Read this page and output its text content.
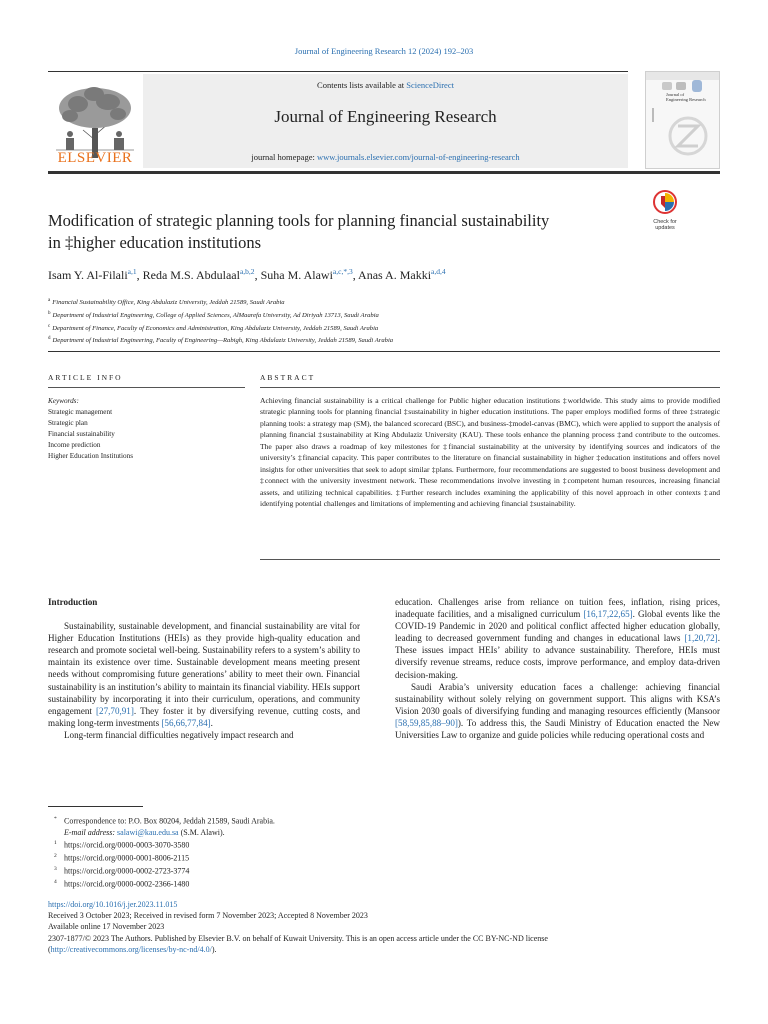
Journal of Engineering Research 12 (2024) 192–203
ELSEVIER
Contents lists available at ScienceDirect
Journal of Engineering Research
journal homepage: www.journals.elsevier.com/journal-of-engineering-research
Journal of
Engineering Research
Modification of strategic planning tools for planning financial sustainability
in ‡higher education institutions
Check for
updates
Isam Y. Al-Filali$^{a,1}$, Reda M.S. Abdulaal$^{a,b,2}$, Suha M. Alawi$^{a,c,*,3}$, Anas A. Makki$^{a,d,4}$
$^a$ Financial Sustainability Office, King Abdulaziz University, Jeddah 21589, Saudi Arabia
$^b$ Department of Industrial Engineering, College of Applied Sciences, AlMaarefa University, Ad Diriyah 13713, Saudi Arabia
$^c$ Department of Finance, Faculty of Economics and Administration, King Abdulaziz University, Jeddah 21589, Saudi Arabia
$^d$ Department of Industrial Engineering, Faculty of Engineering—Rabigh, King Abdulaziz University, Jeddah 21589, Saudi Arabia
ARTICLE INFO	ABSTRACT
Keywords:
Strategic management
Strategic plan
Financial sustainability
Income prediction
Higher Education Institutions
Achieving financial sustainability is a critical challenge for Public higher education institutions ‡worldwide. This study aims to provide modified strategic planning tools for planning financial ‡sustainability in higher education institutions. The paper employs modified forms of three ‡strategic planning tools: a strategy map (SM), the balanced scorecard (BSC), and business-‡model-canvas (BMC), which were applied to support the analysis of planning financial ‡sustainability at King Abdulaziz University (KAU). These tools enhance the planning process ‡and contribute to the outcomes. The paper also draws a roadmap of key milestones for ‡financial sustainability at the university by identifying sources and indicators of the university’s ‡financial capacity. This paper contributes to the literature on financial sustainability in higher ‡education institutions and offers novel insights for other universities that seek to adopt similar ‡plans. Furthermore, four recommendations are suggested to boost business development and ‡connect with the university investment network. These recommendations involve investing in ‡competent human resources, increasing financial assets, and utilizing technical capabilities. ‡Further research includes examining the applicability of this novel approach in other contexts ‡and identifying potential challenges and limitations of implementing and achieving financial ‡sustainability.
Introduction

Sustainability, sustainable development, and financial sustainability are vital for Higher Education Institutions (HEIs) as they provide high-quality education and research and promote societal well-being. Sustainability refers to a system’s ability to maintain its existence over time. Sustainable development means meeting present needs without compromising future generations’ ability to meet their own. Financial sustainability is an institution’s ability to maintain its financial viability. HEIs support sustainability by incorporating it into their curriculum, operations, and community engagement [27,70,91]. They foster it by diversifying revenue, cutting costs, and making long-term investments [56,66,77,84].

Long-term financial difficulties negatively impact research and

education. Challenges arise from reliance on tuition fees, inflation, rising prices, inadequate facilities, and a misaligned curriculum [16,17,22,65]. Global events like the COVID-19 Pandemic in 2020 and political conflict affected higher education globally, leading to decreased government funding and changes in educational laws [1,20,72]. These issues impact HEIs’ ability to advance sustainability. Therefore, HEIs must diversify revenue streams, reduce costs, improve performance, and employ data-driven decision-making.

Saudi Arabia’s university education faces a challenge: achieving financial sustainability without solely relying on government support. This aligns with KSA’s Vision 2030 goals of diversifying funding and managing resources efficiently (Mansoor [58,59,85,88–90]). To address this, the Saudi Ministry of Education enacted the New Universities Law to organize and guide policies while reducing operational costs and

* Correspondence to: P.O. Box 80204, Jeddah 21589, Saudi Arabia.
E-mail address: salawi@kau.edu.sa (S.M. Alawi).
1 https://orcid.org/0000-0003-3070-3580
2 https://orcid.org/0000-0001-8006-2115
3 https://orcid.org/0000-0002-2723-3774
4 https://orcid.org/0000-0002-2366-1480
https://doi.org/10.1016/j.jer.2023.11.015
Received 3 October 2023; Received in revised form 7 November 2023; Accepted 8 November 2023
Available online 17 November 2023
2307-1877/© 2023 The Authors. Published by Elsevier B.V. on behalf of Kuwait University. This is an open access article under the CC BY-NC-ND license
(http://creativecommons.org/licenses/by-nc-nd/4.0/).
